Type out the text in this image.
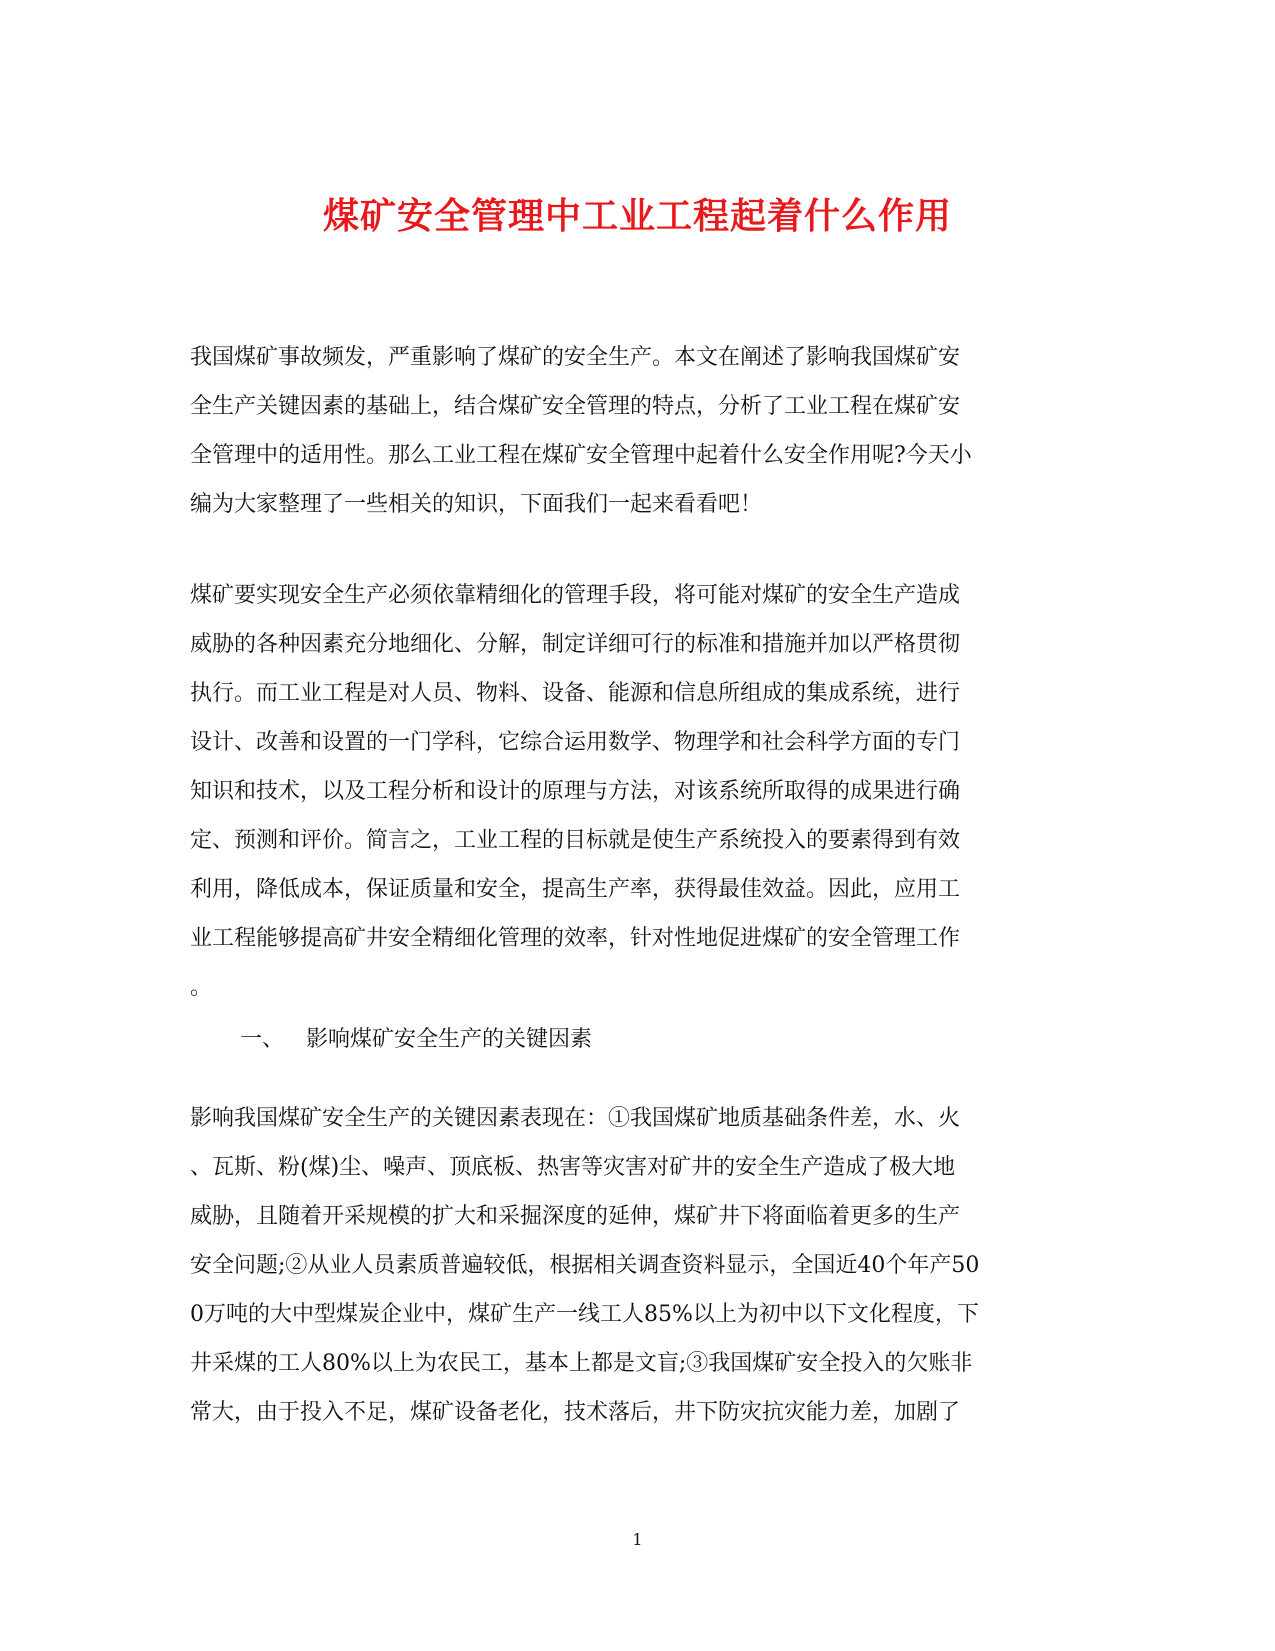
煤矿安全管理中工业工程起着什么作用
我国煤矿事故频发，严重影响了煤矿的安全生产。本文在阐述了影响我国煤矿安
全生产关键因素的基础上，结合煤矿安全管理的特点，分析了工业工程在煤矿安
全管理中的适用性。那么工业工程在煤矿安全管理中起着什么安全作用呢?今天小
编为大家整理了一些相关的知识，下面我们一起来看看吧！
煤矿要实现安全生产必须依靠精细化的管理手段，将可能对煤矿的安全生产造成
威胁的各种因素充分地细化、分解，制定详细可行的标准和措施并加以严格贯彻
执行。而工业工程是对人员、物料、设备、能源和信息所组成的集成系统，进行
设计、改善和设置的一门学科，它综合运用数学、物理学和社会科学方面的专门
知识和技术，以及工程分析和设计的原理与方法，对该系统所取得的成果进行确
定、预测和评价。简言之，工业工程的目标就是使生产系统投入的要素得到有效
利用，降低成本，保证质量和安全，提高生产率，获得最佳效益。因此，应用工
业工程能够提高矿井安全精细化管理的效率，针对性地促进煤矿的安全管理工作
。
一、 影响煤矿安全生产的关键因素
影响我国煤矿安全生产的关键因素表现在：①我国煤矿地质基础条件差，水、火
、瓦斯、粉(煤)尘、噪声、顶底板、热害等灾害对矿井的安全生产造成了极大地
威胁，且随着开采规模的扩大和采掘深度的延伸，煤矿井下将面临着更多的生产
安全问题;②从业人员素质普遍较低，根据相关调查资料显示，全国近40个年产50
0万吨的大中型煤炭企业中，煤矿生产一线工人85%以上为初中以下文化程度，下
井采煤的工人80%以上为农民工，基本上都是文盲;③我国煤矿安全投入的欠账非
常大，由于投入不足，煤矿设备老化，技术落后，井下防灾抗灾能力差，加剧了
1
